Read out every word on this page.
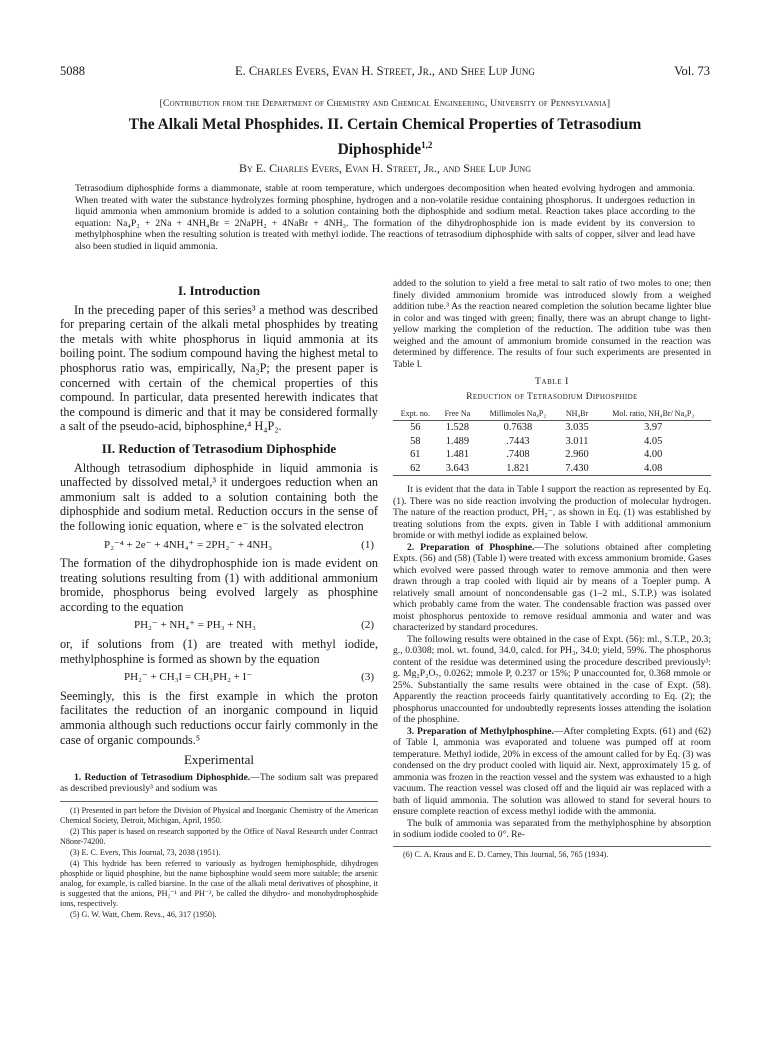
5088	E. Charles Evers, Evan H. Street, Jr., and Shee Lup Jung	Vol. 73
[Contribution from the Department of Chemistry and Chemical Engineering, University of Pennsylvania]
The Alkali Metal Phosphides. II. Certain Chemical Properties of Tetrasodium
Diphosphide$^{1,2}$
By E. Charles Evers, Evan H. Street, Jr., and Shee Lup Jung
Tetrasodium diphosphide forms a diammonate, stable at room temperature, which undergoes decomposition when heated evolving hydrogen and ammonia. When treated with water the substance hydrolyzes forming phosphine, hydrogen and a non-volatile residue containing phosphorus. It undergoes reduction in liquid ammonia when ammonium bromide is added to a solution containing both the diphosphide and sodium metal. Reaction takes place according to the equation: Na₄P₂ + 2Na + 4NH₄Br = 2NaPH₂ + 4NaBr + 4NH₃. The formation of the dihydrophosphide ion is made evident by its conversion to methylphosphine when the resulting solution is treated with methyl iodide. The reactions of tetrasodium diphosphide with salts of copper, silver and lead have also been studied in liquid ammonia.
I. Introduction

In the preceding paper of this series³ a method was described for preparing certain of the alkali metal phosphides by treating the metals with white phosphorus in liquid ammonia at its boiling point. The sodium compound having the highest metal to phosphorus ratio was, empirically, Na₂P; the present paper is concerned with certain of the chemical properties of this compound. In particular, data presented herewith indicates that the compound is dimeric and that it may be considered formally a salt of the pseudo-acid, biphosphine,⁴ H₄P₂.

II. Reduction of Tetrasodium Diphosphide

Although tetrasodium diphosphide in liquid ammonia is unaffected by dissolved metal,³ it undergoes reduction when an ammonium salt is added to a solution containing both the diphosphide and sodium metal. Reduction occurs in the sense of the following ionic equation, where e⁻ is the solvated electron

P₂⁻⁴ + 2e⁻ + 4NH₄⁺ = 2PH₂⁻ + 4NH₃	(1)

The formation of the dihydrophosphide ion is made evident on treating solutions resulting from (1) with additional ammonium bromide, phosphorus being evolved largely as phosphine according to the equation

PH₂⁻ + NH₄⁺ = PH₃ + NH₃	(2)

or, if solutions from (1) are treated with methyl iodide, methylphosphine is formed as shown by the equation

PH₂⁻ + CH₃I = CH₃PH₂ + I⁻	(3)

Seemingly, this is the first example in which the proton facilitates the reduction of an inorganic compound in liquid ammonia although such reductions occur fairly commonly in the case of organic compounds.⁵

Experimental

1. Reduction of Tetrasodium Diphosphide.—The sodium salt was prepared as described previously³ and sodium was

(1) Presented in part before the Division of Physical and Inorganic Chemistry of the American Chemical Society, Detroit, Michigan, April, 1950.

(2) This paper is based on research supported by the Office of Naval Research under Contract N8onr-74200.

(3) E. C. Evers, This Journal, 73, 2038 (1951).

(4) This hydride has been referred to variously as hydrogen hemiphosphide, dihydrogen phosphide or liquid phosphine, but the name biphosphine would seem more suitable; the arsenic analog, for example, is called biarsine. In the case of the alkali metal derivatives of phosphine, it is suggested that the anions, PH₂⁻¹ and PH⁻², be called the dihydro- and monohydrophosphide ions, respectively.

(5) G. W. Watt, Chem. Revs., 46, 317 (1950).

added to the solution to yield a free metal to salt ratio of two moles to one; then finely divided ammonium bromide was introduced slowly from a weighed addition tube.³ As the reaction neared completion the solution became lighter blue in color and was tinged with green; finally, there was an abrupt change to light-yellow marking the completion of the reduction. The addition tube was then weighed and the amount of ammonium bromide consumed in the reaction was determined by difference. The results of four such experiments are presented in Table I.

Table I
Reduction of Tetrasodium Diphosphide
Expt. no.	Free Na	Millimoles Na₄P₂	NH₄Br	Mol. ratio, NH₄Br/ Na₄P₂
56	1.528	0.7638	3.035	3.97
58	1.489	.7443	3.011	4.05
61	1.481	.7408	2.960	4.00
62	3.643	1.821	7.430	4.08

It is evident that the data in Table I support the reaction as represented by Eq. (1). There was no side reaction involving the production of molecular hydrogen. The nature of the reaction product, PH₂⁻, as shown in Eq. (1) was established by treating solutions from the expts. given in Table I with additional ammonium bromide or with methyl iodide as explained below.

2. Preparation of Phosphine.—The solutions obtained after completing Expts. (56) and (58) (Table I) were treated with excess ammonium bromide. Gases which evolved were passed through water to remove ammonia and then were drawn through a trap cooled with liquid air by means of a Toepler pump. A relatively small amount of noncondensable gas (1–2 ml., S.T.P.) was isolated which probably came from the water. The condensable fraction was passed over moist phosphorus pentoxide to remove residual ammonia and water and was characterized by standard procedures.

The following results were obtained in the case of Expt. (56): ml., S.T.P., 20.3; g., 0.0308; mol. wt. found, 34.0, calcd. for PH₃, 34.0; yield, 59%. The phosphorus content of the residue was determined using the procedure described previously³: g. Mg₂P₂O₇, 0.0262; mmole P, 0.237 or 15%; P unaccounted for, 0.368 mmole or 25%. Substantially the same results were obtained in the case of Expt. (58). Apparently the reaction proceeds fairly quantitatively according to Eq. (2); the phosphorus unaccounted for undoubtedly represents losses attending the isolation of the phosphine.

3. Preparation of Methylphosphine.—After completing Expts. (61) and (62) of Table I, ammonia was evaporated and toluene was pumped off at room temperature. Methyl iodide, 20% in excess of the amount called for by Eq. (3) was condensed on the dry product cooled with liquid air. Next, approximately 15 g. of ammonia was frozen in the reaction vessel and the system was exhausted to a high vacuum. The reaction vessel was closed off and the liquid air was replaced with a bath of liquid ammonia. The solution was allowed to stand for several hours to ensure complete reaction of excess methyl iodide with the ammonia.

The bulk of ammonia was separated from the methylphosphine by absorption in sodium iodide cooled to 0°. Re-

(6) C. A. Kraus and E. D. Carney, This Journal, 56, 765 (1934).
